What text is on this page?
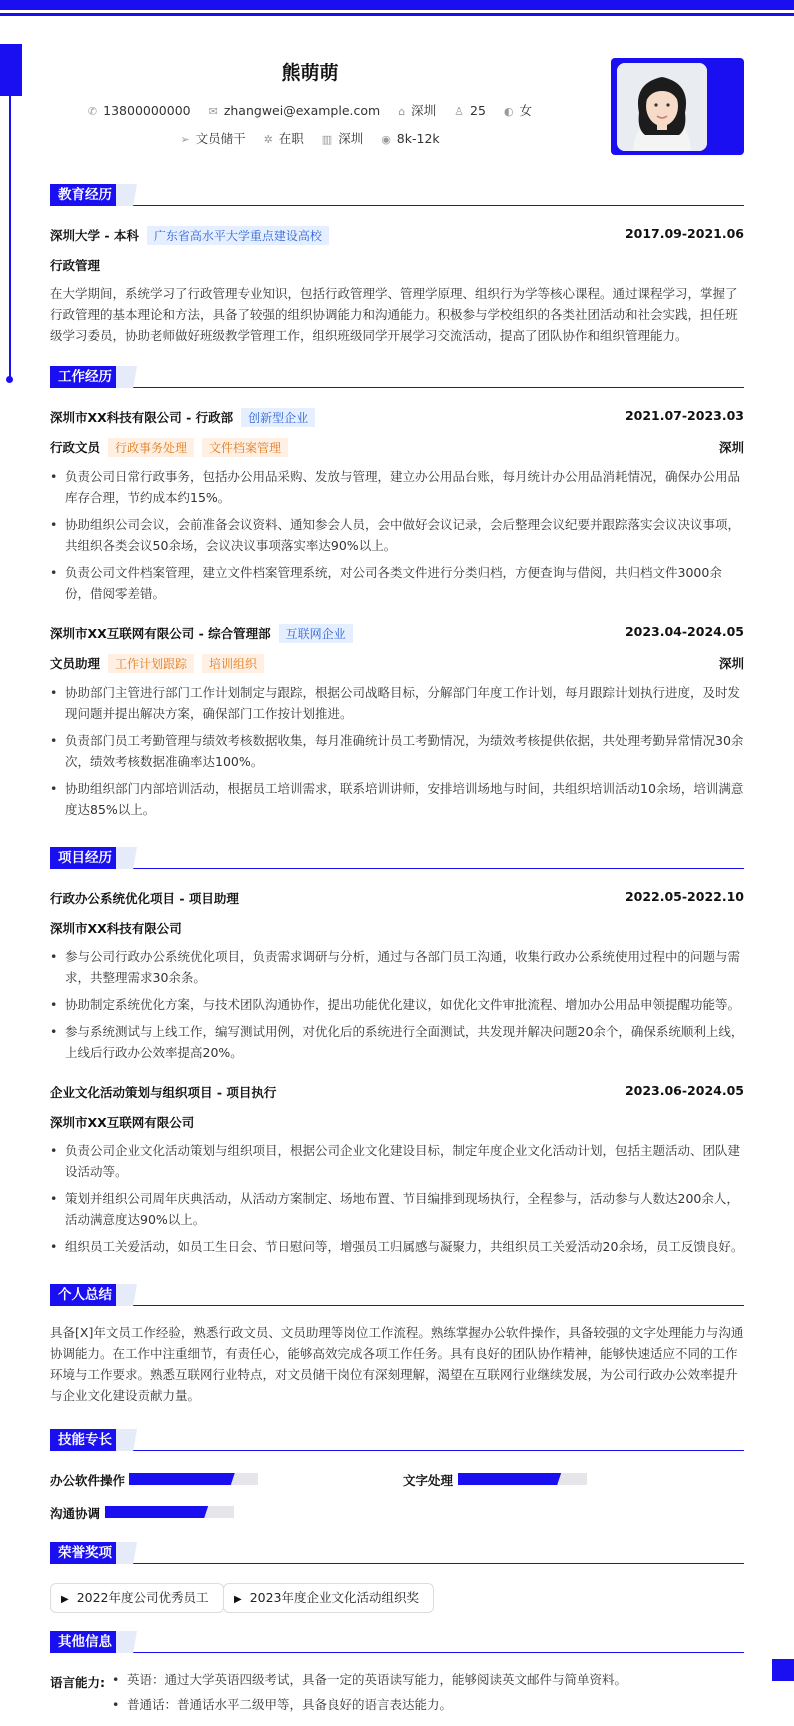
熊萌萌
✆ 13800000000 ✉ zhangwei@example.com ⌂ 深圳 ♙ 25 ◐ 女
➢ 文员储干 ✲ 在职 ▥ 深圳 ◉ 8k-12k
教育经历
深圳大学 - 本科 广东省高水平大学重点建设高校	2017.09-2021.06
行政管理
在大学期间，系统学习了行政管理专业知识，包括行政管理学、管理学原理、组织行为学等核心课程。通过课程学习，掌握了行政管理的基本理论和方法，具备了较强的组织协调能力和沟通能力。积极参与学校组织的各类社团活动和社会实践，担任班级学习委员，协助老师做好班级教学管理工作，组织班级同学开展学习交流活动，提高了团队协作和组织管理能力。
工作经历
深圳市XX科技有限公司 - 行政部 创新型企业	2021.07-2023.03
行政文员 行政事务处理 文件档案管理	深圳
• 负责公司日常行政事务，包括办公用品采购、发放与管理，建立办公用品台账，每月统计办公用品消耗情况，确保办公用品库存合理，节约成本约15%。
• 协助组织公司会议，会前准备会议资料、通知参会人员，会中做好会议记录，会后整理会议纪要并跟踪落实会议决议事项，共组织各类会议50余场，会议决议事项落实率达90%以上。
• 负责公司文件档案管理，建立文件档案管理系统，对公司各类文件进行分类归档，方便查询与借阅，共归档文件3000余份，借阅零差错。
深圳市XX互联网有限公司 - 综合管理部 互联网企业	2023.04-2024.05
文员助理 工作计划跟踪 培训组织	深圳
• 协助部门主管进行部门工作计划制定与跟踪，根据公司战略目标，分解部门年度工作计划，每月跟踪计划执行进度，及时发现问题并提出解决方案，确保部门工作按计划推进。
• 负责部门员工考勤管理与绩效考核数据收集，每月准确统计员工考勤情况，为绩效考核提供依据，共处理考勤异常情况30余次，绩效考核数据准确率达100%。
• 协助组织部门内部培训活动，根据员工培训需求，联系培训讲师，安排培训场地与时间，共组织培训活动10余场，培训满意度达85%以上。
项目经历
行政办公系统优化项目 - 项目助理	2022.05-2022.10
深圳市XX科技有限公司
• 参与公司行政办公系统优化项目，负责需求调研与分析，通过与各部门员工沟通，收集行政办公系统使用过程中的问题与需求，共整理需求30余条。
• 协助制定系统优化方案，与技术团队沟通协作，提出功能优化建议，如优化文件审批流程、增加办公用品申领提醒功能等。
• 参与系统测试与上线工作，编写测试用例，对优化后的系统进行全面测试，共发现并解决问题20余个，确保系统顺利上线，上线后行政办公效率提高20%。
企业文化活动策划与组织项目 - 项目执行	2023.06-2024.05
深圳市XX互联网有限公司
• 负责公司企业文化活动策划与组织项目，根据公司企业文化建设目标，制定年度企业文化活动计划，包括主题活动、团队建设活动等。
• 策划并组织公司周年庆典活动，从活动方案制定、场地布置、节目编排到现场执行，全程参与，活动参与人数达200余人，活动满意度达90%以上。
• 组织员工关爱活动，如员工生日会、节日慰问等，增强员工归属感与凝聚力，共组织员工关爱活动20余场，员工反馈良好。
个人总结
具备[X]年文员工作经验，熟悉行政文员、文员助理等岗位工作流程。熟练掌握办公软件操作，具备较强的文字处理能力与沟通协调能力。在工作中注重细节，有责任心，能够高效完成各项工作任务。具有良好的团队协作精神，能够快速适应不同的工作环境与工作要求。熟悉互联网行业特点，对文员储干岗位有深刻理解，渴望在互联网行业继续发展，为公司行政办公效率提升与企业文化建设贡献力量。
技能专长
办公软件操作	文字处理
沟通协调
荣誉奖项
▶ 2022年度公司优秀员工	▶ 2023年度企业文化活动组织奖
其他信息
语言能力:
•	英语：通过大学英语四级考试，具备一定的英语读写能力，能够阅读英文邮件与简单资料。
• 普通话：普通话水平二级甲等，具备良好的语言表达能力。
